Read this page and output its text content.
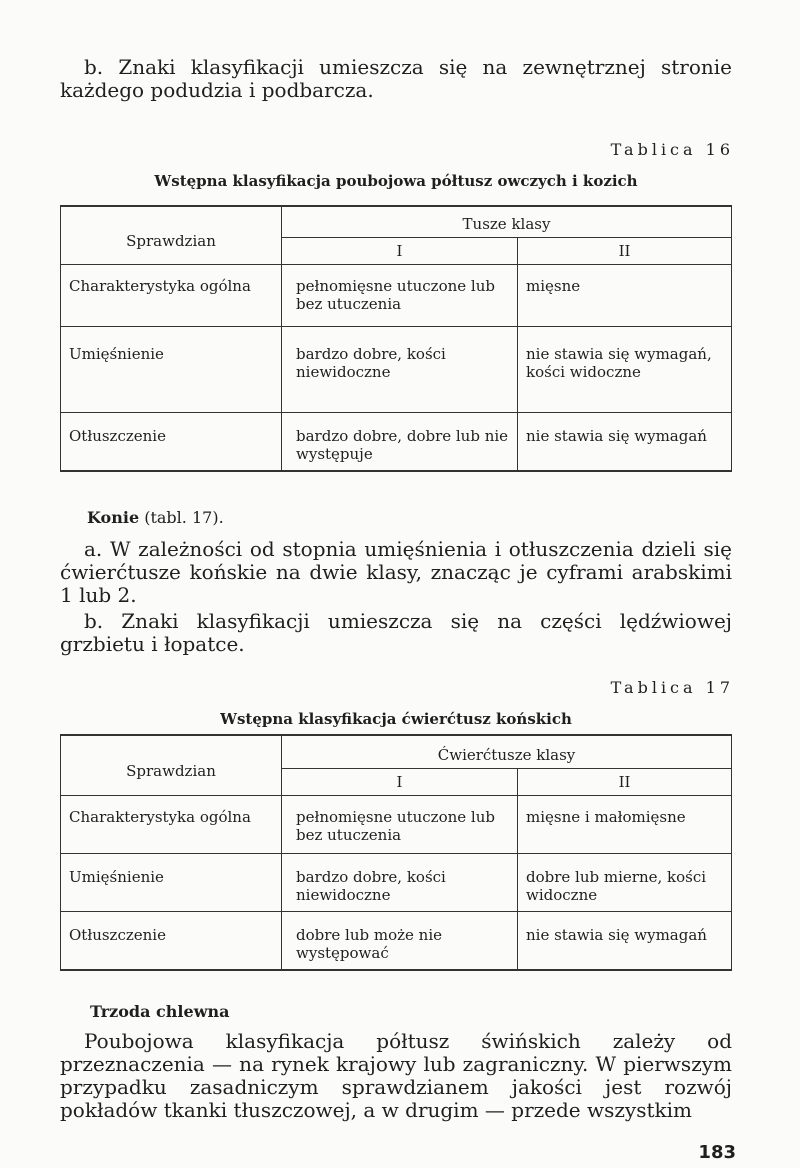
b. Znaki klasyfikacji umieszcza się na zewnętrznej stronie każdego podudzia i podbarcza.

Tablica 16
Wstępna klasyfikacja poubojowa półtusz owczych i kozich
Sprawdzian	Tusze klasy	
	I	II
Charakterystyka ogólna	pełnomięsne utuczone lub bez utuczenia	mięsne
Umięśnienie	bardzo dobre, kości niewidoczne	nie stawia się wymagań, kości widoczne
Otłuszczenie	bardzo dobre, dobre lub nie występuje	nie stawia się wymagań
Konie (tabl. 17).

a. W zależności od stopnia umięśnienia i otłuszczenia dzieli się ćwierćtusze końskie na dwie klasy, znacząc je cyframi arabskimi 1 lub 2.

b. Znaki klasyfikacji umieszcza się na części lędźwiowej grzbietu i łopatce.

Tablica 17
Wstępna klasyfikacja ćwierćtusz końskich
Sprawdzian	Ćwierćtusze klasy	
	I	II
Charakterystyka ogólna	pełnomięsne utuczone lub bez utuczenia	mięsne i małomięsne
Umięśnienie	bardzo dobre, kości niewidoczne	dobre lub mierne, kości widoczne
Otłuszczenie	dobre lub może nie występować	nie stawia się wymagań
Trzoda chlewna

Poubojowa klasyfikacja półtusz świńskich zależy od przeznaczenia — na rynek krajowy lub zagraniczny. W pierwszym przypadku zasadniczym sprawdzianem jakości jest rozwój pokładów tkanki tłuszczowej, a w drugim — przede wszystkim

183
